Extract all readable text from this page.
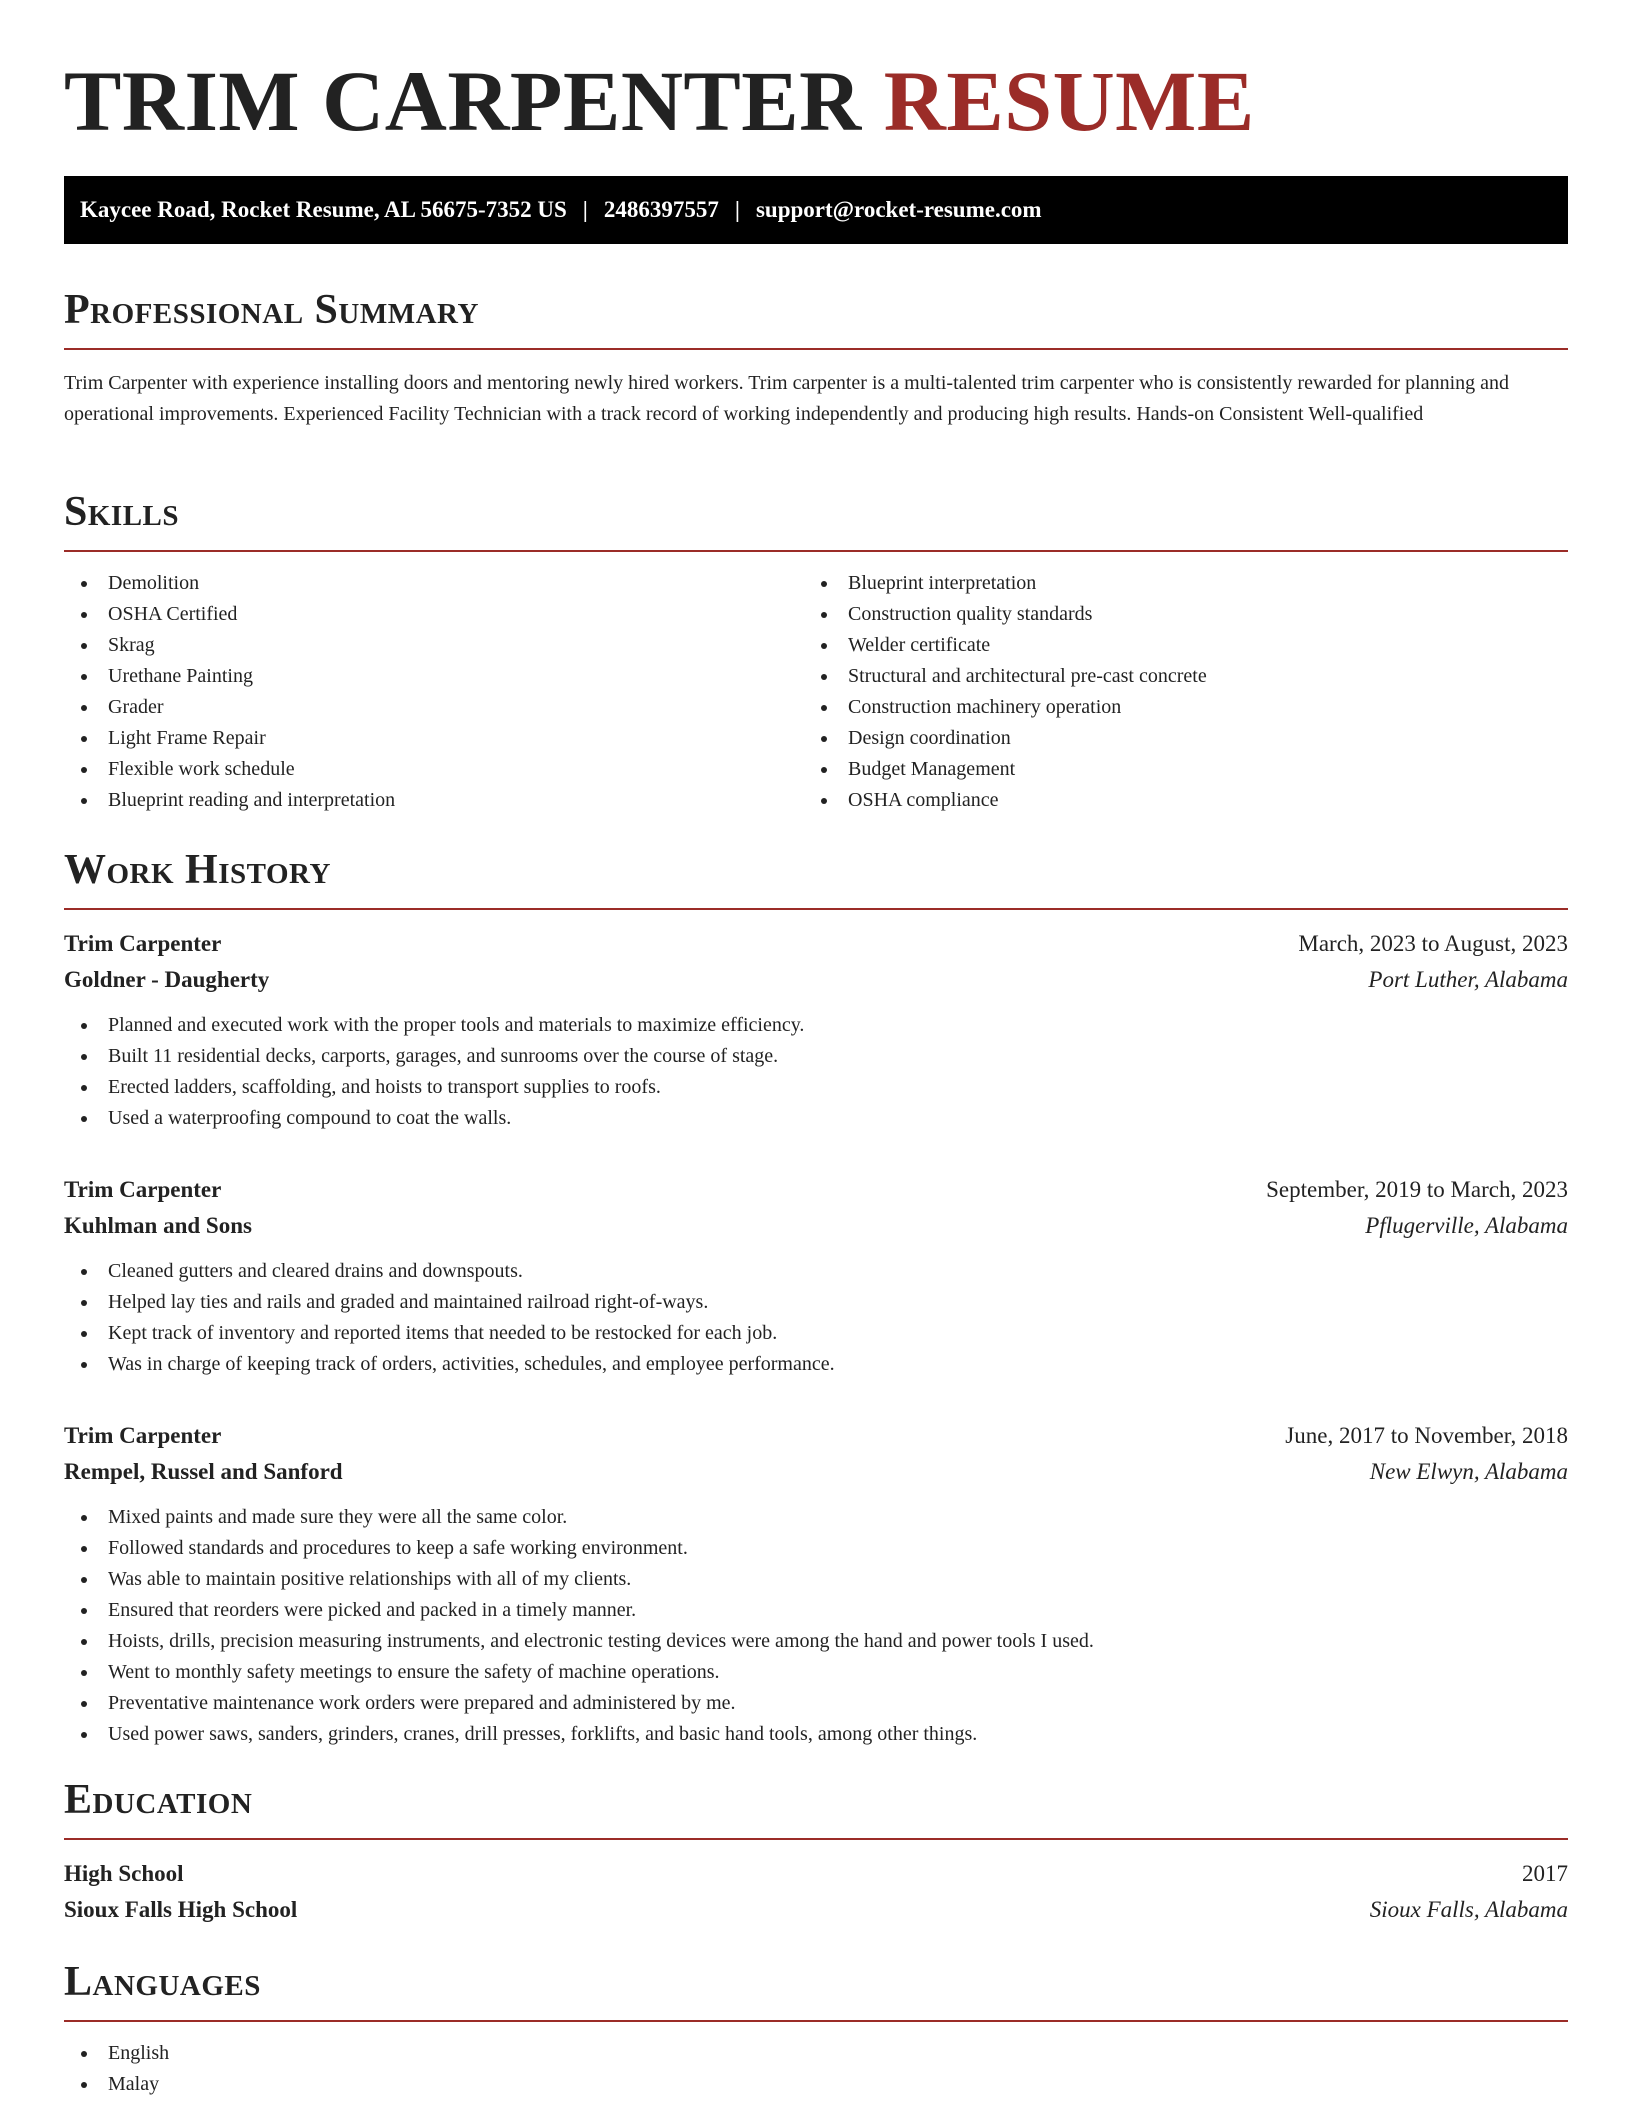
TRIM CARPENTER RESUME
Kaycee Road, Rocket Resume, AL 56675-7352 US | 2486397557 | support@rocket-resume.com
Professional Summary

Trim Carpenter with experience installing doors and mentoring newly hired workers. Trim carpenter is a multi-talented trim carpenter who is consistently rewarded for planning and operational improvements. Experienced Facility Technician with a track record of working independently and producing high results. Hands-on Consistent Well-qualified

Skills
Demolition
OSHA Certified
Skrag
Urethane Painting
Grader
Light Frame Repair
Flexible work schedule
Blueprint reading and interpretation
Blueprint interpretation
Construction quality standards
Welder certificate
Structural and architectural pre-cast concrete
Construction machinery operation
Design coordination
Budget Management
OSHA compliance
Work History
Trim Carpenter	March, 2023 to August, 2023
Goldner - Daugherty	Port Luther, Alabama
Planned and executed work with the proper tools and materials to maximize efficiency.
Built 11 residential decks, carports, garages, and sunrooms over the course of stage.
Erected ladders, scaffolding, and hoists to transport supplies to roofs.
Used a waterproofing compound to coat the walls.
Trim Carpenter	September, 2019 to March, 2023
Kuhlman and Sons	Pflugerville, Alabama
Cleaned gutters and cleared drains and downspouts.
Helped lay ties and rails and graded and maintained railroad right-of-ways.
Kept track of inventory and reported items that needed to be restocked for each job.
Was in charge of keeping track of orders, activities, schedules, and employee performance.
Trim Carpenter	June, 2017 to November, 2018
Rempel, Russel and Sanford	New Elwyn, Alabama
Mixed paints and made sure they were all the same color.
Followed standards and procedures to keep a safe working environment.
Was able to maintain positive relationships with all of my clients.
Ensured that reorders were picked and packed in a timely manner.
Hoists, drills, precision measuring instruments, and electronic testing devices were among the hand and power tools I used.
Went to monthly safety meetings to ensure the safety of machine operations.
Preventative maintenance work orders were prepared and administered by me.
Used power saws, sanders, grinders, cranes, drill presses, forklifts, and basic hand tools, among other things.
Education
High School	2017
Sioux Falls High School	Sioux Falls, Alabama
Languages
English
Malay
